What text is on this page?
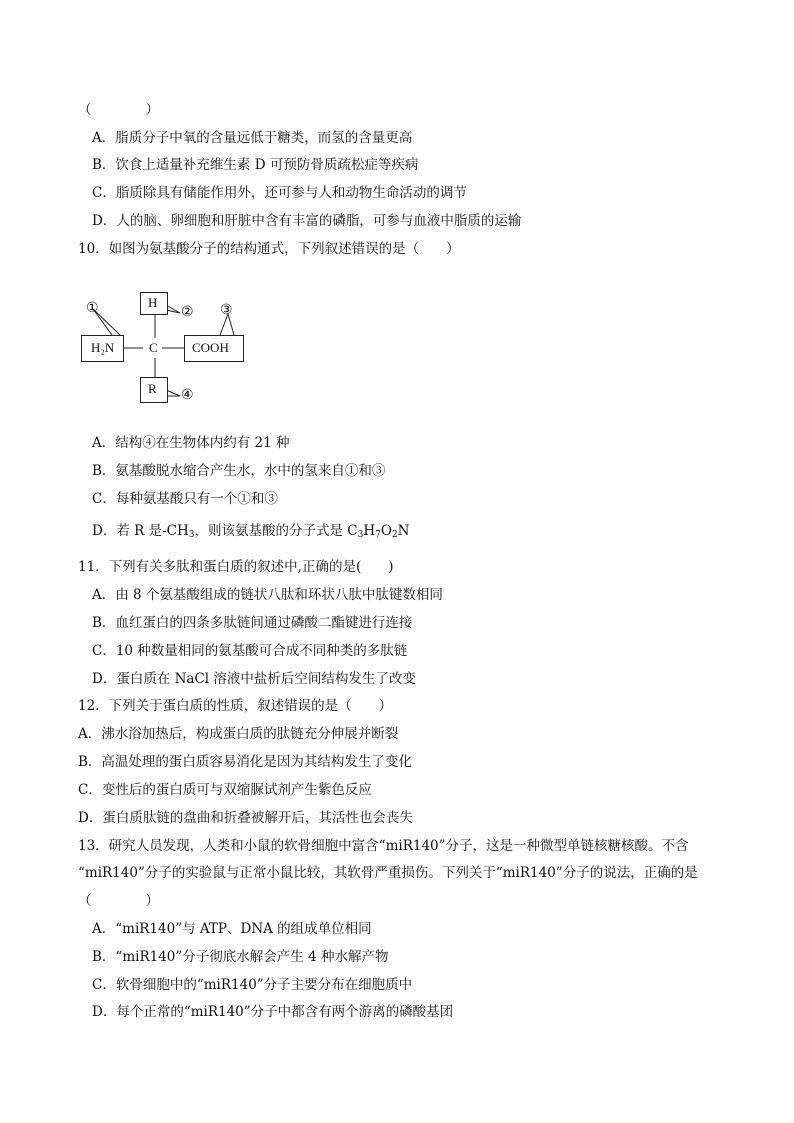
（　　　　）
A．脂质分子中氧的含量远低于糖类，而氢的含量更高
B．饮食上适量补充维生素 D 可预防骨质疏松症等疾病
C．脂质除具有储能作用外，还可参与人和动物生命活动的调节
D．人的脑、卵细胞和肝脏中含有丰富的磷脂，可参与血液中脂质的运输
10．如图为氨基酸分子的结构通式，下列叙述错误的是（　　）
H₂N	C	COOH
H
R
①	② ③
④
A．结构④在生物体内约有 21 种
B．氨基酸脱水缩合产生水，水中的氢来自①和③
C．每种氨基酸只有一个①和③
D．若 R 是$-CH_3$，则该氨基酸的分子式是 $C_3H_7O_2N$
11．下列有关多肽和蛋白质的叙述中,正确的是(　　)
A．由 8 个氨基酸组成的链状八肽和环状八肽中肽键数相同
B．血红蛋白的四条多肽链间通过磷酸二酯键进行连接
C．10 种数量相同的氨基酸可合成不同种类的多肽链
D．蛋白质在 NaCl 溶液中盐析后空间结构发生了改变
12．下列关于蛋白质的性质，叙述错误的是（　　）
A．沸水浴加热后，构成蛋白质的肽链充分伸展并断裂
B．高温处理的蛋白质容易消化是因为其结构发生了变化
C．变性后的蛋白质可与双缩脲试剂产生紫色反应
D．蛋白质肽链的盘曲和折叠被解开后，其活性也会丧失
13．研究人员发现，人类和小鼠的软骨细胞中富含“miR140”分子，这是一种微型单链核糖核酸。不含
“miR140”分子的实验鼠与正常小鼠比较，其软骨严重损伤。下列关于“miR140”分子的说法，正确的是
（　　　　）
A．“miR140”与 ATP、DNA 的组成单位相同
B．“miR140”分子彻底水解会产生 4 种水解产物
C．软骨细胞中的“miR140”分子主要分布在细胞质中
D．每个正常的“miR140”分子中都含有两个游离的磷酸基团
